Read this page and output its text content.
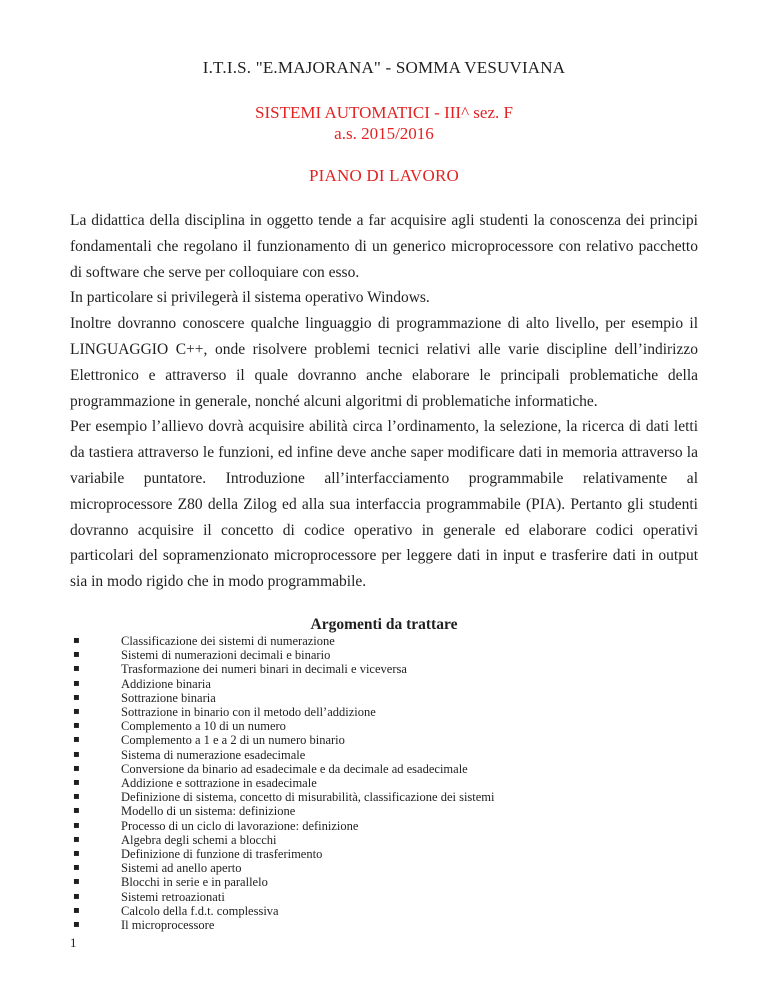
I.T.I.S. "E.MAJORANA" - SOMMA VESUVIANA
SISTEMI AUTOMATICI - III^ sez. F
a.s. 2015/2016
PIANO DI LAVORO

La didattica della disciplina in oggetto tende a far acquisire agli studenti la conoscenza dei principi fondamentali che regolano il funzionamento di un generico microprocessore con relativo pacchetto di software che serve per colloquiare con esso.

In particolare si privilegerà il sistema operativo Windows.

Inoltre dovranno conoscere qualche linguaggio di programmazione di alto livello, per esempio il LINGUAGGIO C++, onde risolvere problemi tecnici relativi alle varie discipline dell’indirizzo Elettronico e attraverso il quale dovranno anche elaborare le principali problematiche della programmazione in generale, nonché alcuni algoritmi di problematiche informatiche.

Per esempio l’allievo dovrà acquisire abilità circa l’ordinamento, la selezione, la ricerca di dati letti da tastiera attraverso le funzioni, ed infine deve anche saper modificare dati in memoria attraverso la variabile puntatore. Introduzione all’interfacciamento programmabile relativamente al microprocessore Z80 della Zilog ed alla sua interfaccia programmabile (PIA). Pertanto gli studenti dovranno acquisire il concetto di codice operativo in generale ed elaborare codici operativi particolari del sopramenzionato microprocessore per leggere dati in input e trasferire dati in output sia in modo rigido che in modo programmabile.

Argomenti da trattare
▪	Classificazione dei sistemi di numerazione
▪	Sistemi di numerazioni decimali e binario
▪	Trasformazione dei numeri binari in decimali e viceversa
▪	Addizione binaria
▪	Sottrazione binaria
▪	Sottrazione in binario con il metodo dell’addizione
▪	Complemento a 10 di un numero
▪	Complemento a 1 e a 2 di un numero binario
▪	Sistema di numerazione esadecimale
▪	Conversione da binario ad esadecimale e da decimale ad esadecimale
▪	Addizione e sottrazione in esadecimale
▪	Definizione di sistema, concetto di misurabilità, classificazione dei sistemi
▪	Modello di un sistema: definizione
▪	Processo di un ciclo di lavorazione: definizione
▪	Algebra degli schemi a blocchi
▪	Definizione di funzione di trasferimento
▪	Sistemi ad anello aperto
▪	Blocchi in serie e in parallelo
▪	Sistemi retroazionati
▪	Calcolo della f.d.t. complessiva
▪	Il microprocessore
1
